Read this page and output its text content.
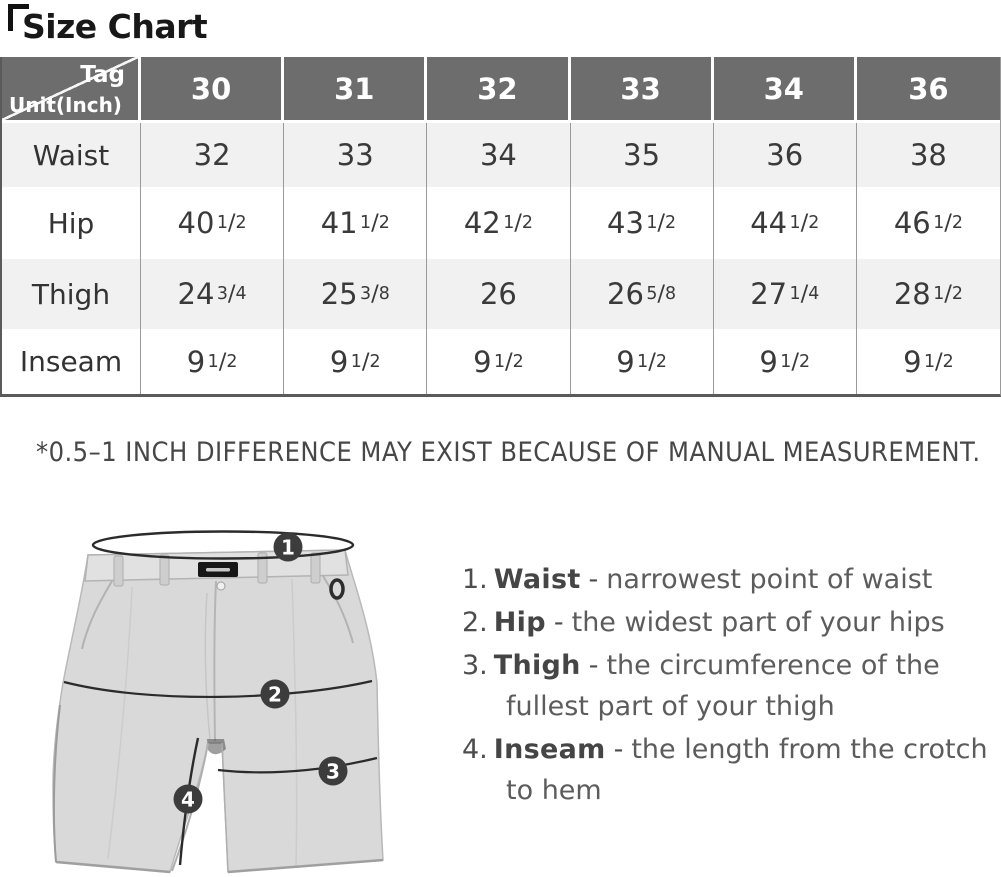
Size Chart
Tag
Unit(Inch)	30	31	32	33	34	36
Waist	32	33	34	35	36	38
Hip	40 1 / 2	41 1 / 2	42 1 / 2	43 1 / 2	44 1 / 2	46 1 / 2
Thigh	24 3 / 4	25 3 / 8	26	26 5 / 8	27 1 / 4	28 1 / 2
Inseam	9 1 / 2	9 1 / 2	9 1 / 2	9 1 / 2	9 1 / 2	9 1 / 2
*0.5–1 INCH DIFFERENCE MAY EXIST BECAUSE OF MANUAL MEASUREMENT.
1
2
3
4
1. Waist - narrowest point of waist
2. Hip - the widest part of your hips
3. Thigh - the circumference of the fullest part of your thigh
4. Inseam - the length from the crotch to hem
